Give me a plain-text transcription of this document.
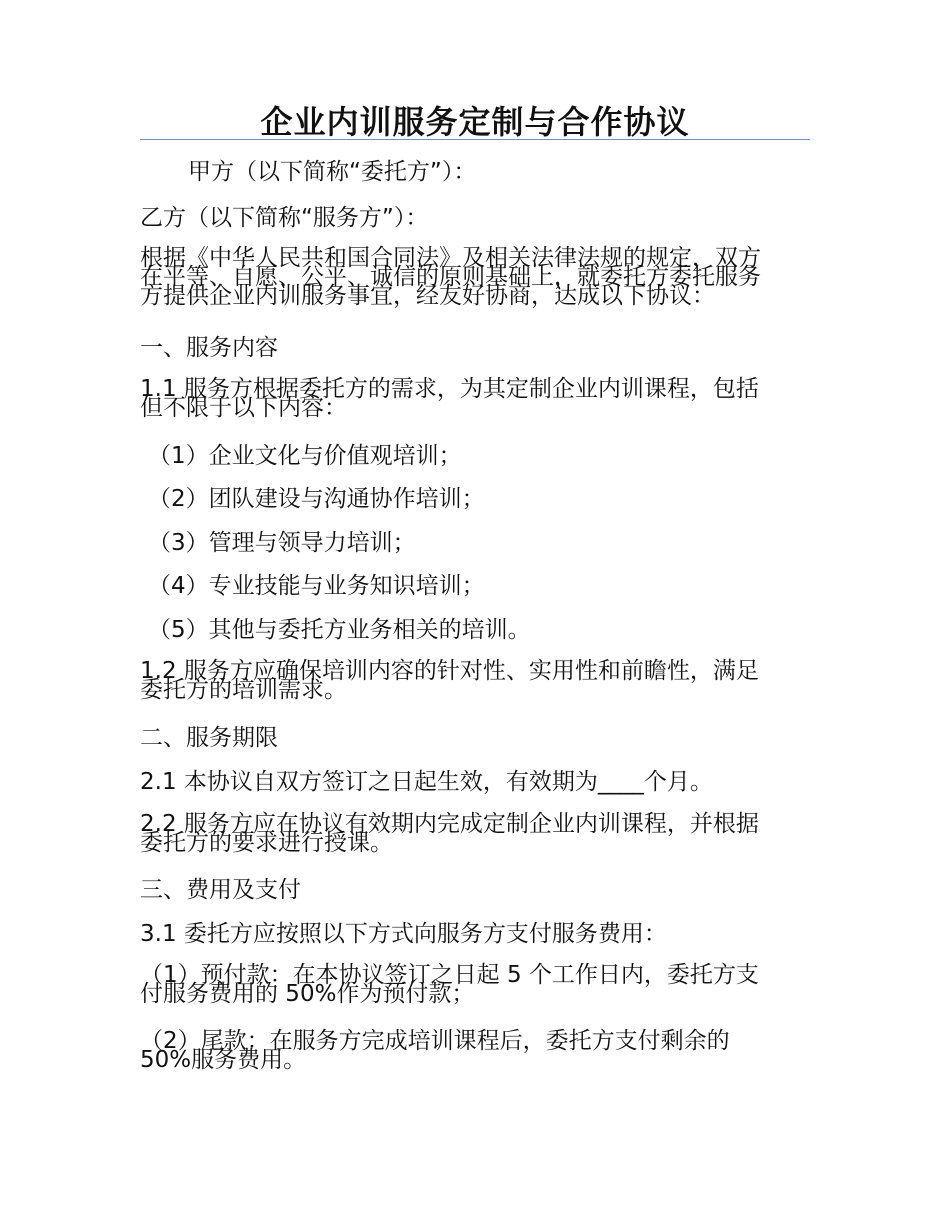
企业内训服务定制与合作协议
甲方（以下简称“委托方”）：
乙方（以下简称“服务方”）：
根据《中华人民共和国合同法》及相关法律法规的规定，双方
在平等、自愿、公平、诚信的原则基础上，就委托方委托服务
方提供企业内训服务事宜，经友好协商，达成以下协议：
一、服务内容
1.1 服务方根据委托方的需求，为其定制企业内训课程，包括
但不限于以下内容：
（1）企业文化与价值观培训；
（2）团队建设与沟通协作培训；
（3）管理与领导力培训；
（4）专业技能与业务知识培训；
（5）其他与委托方业务相关的培训。
1.2 服务方应确保培训内容的针对性、实用性和前瞻性，满足
委托方的培训需求。
二、服务期限
2.1 本协议自双方签订之日起生效，有效期为____个月。
2.2 服务方应在协议有效期内完成定制企业内训课程，并根据
委托方的要求进行授课。
三、费用及支付
3.1 委托方应按照以下方式向服务方支付服务费用：
（1）预付款：在本协议签订之日起 5 个工作日内，委托方支
付服务费用的 50%作为预付款；
（2）尾款：在服务方完成培训课程后，委托方支付剩余的
50%服务费用。
